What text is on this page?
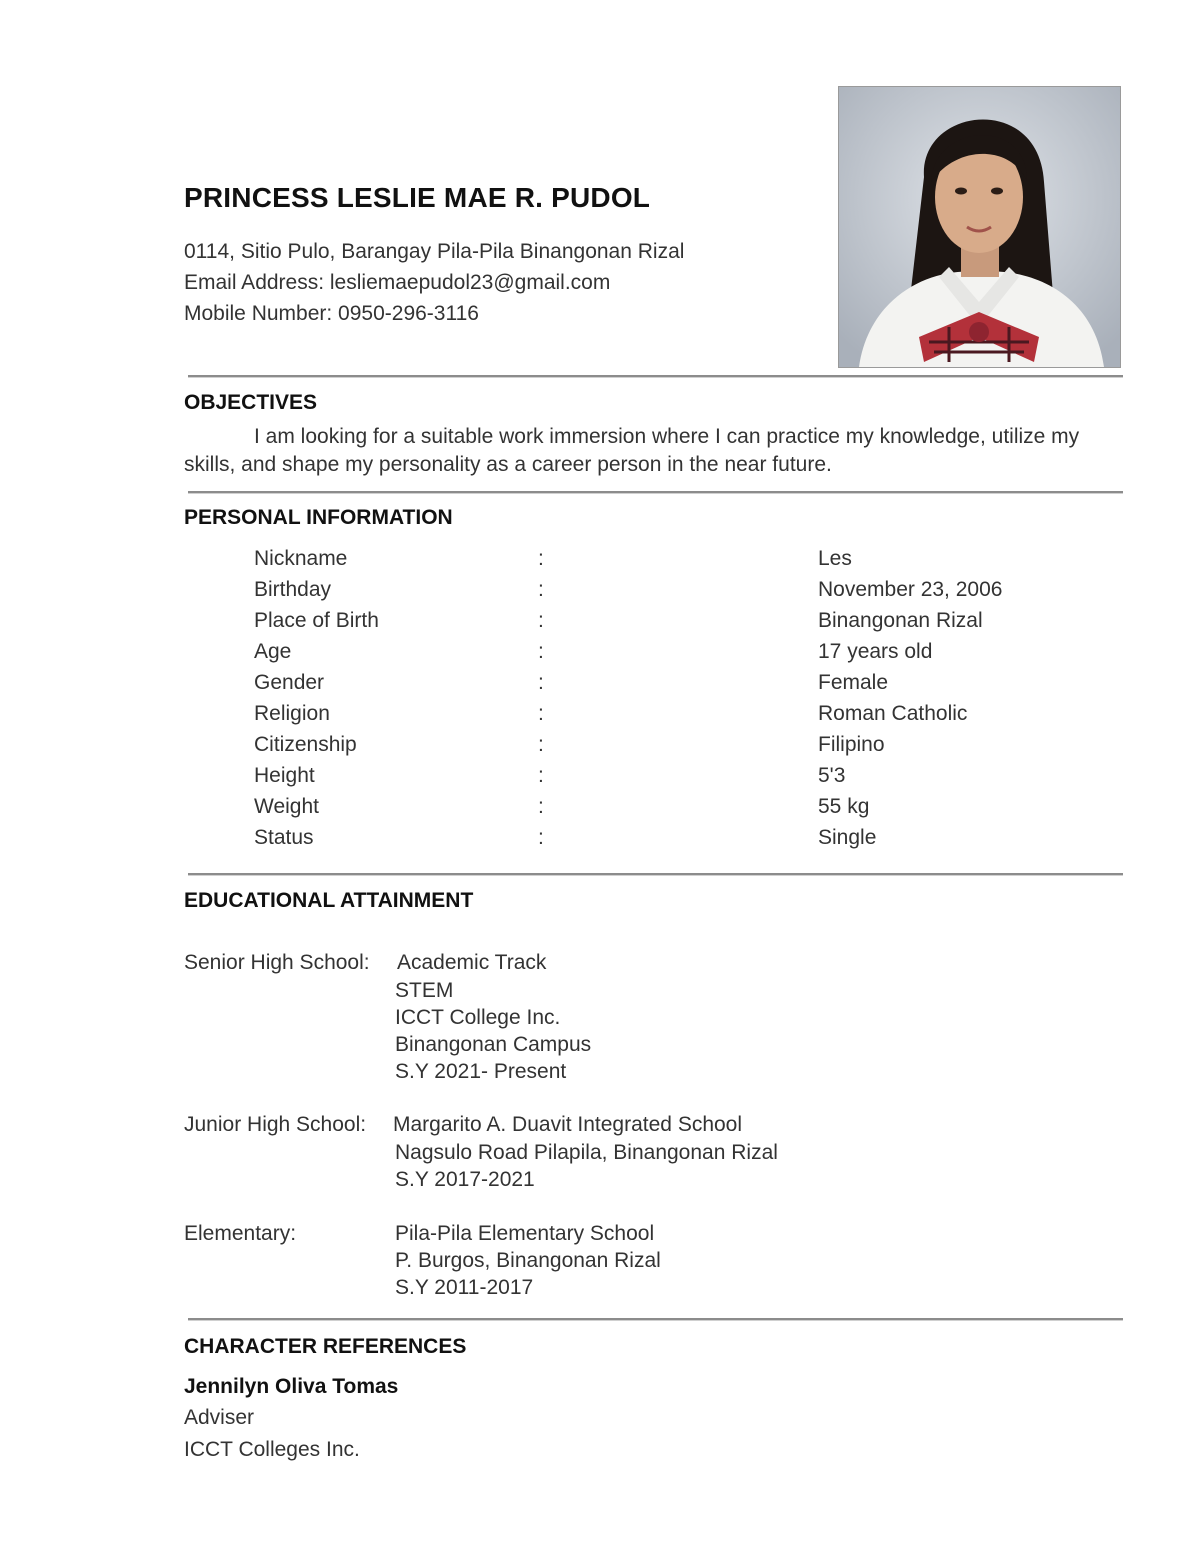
PRINCESS LESLIE MAE R. PUDOL
0114, Sitio Pulo, Barangay Pila-Pila Binangonan Rizal
Email Address: lesliemaepudol23@gmail.com
Mobile Number: 0950-296-3116
OBJECTIVES
I am looking for a suitable work immersion where I can practice my knowledge, utilize my skills, and shape my personality as a career person in the near future.
PERSONAL INFORMATION
Nickname	:	Les
Birthday	:	November 23, 2006
Place of Birth	:	Binangonan Rizal
Age	:	17 years old
Gender	:	Female
Religion	:	Roman Catholic
Citizenship	:	Filipino
Height	:	5'3
Weight	:	55 kg
Status	:	Single
EDUCATIONAL ATTAINMENT
Senior High School: Academic Track
STEM
ICCT College Inc.
Binangonan Campus
S.Y 2021- Present
Junior High School: Margarito A. Duavit Integrated School
Nagsulo Road Pilapila, Binangonan Rizal
S.Y 2017-2021
Elementary:	Pila-Pila Elementary School
P. Burgos, Binangonan Rizal
S.Y 2011-2017
CHARACTER REFERENCES
Jennilyn Oliva Tomas
Adviser
ICCT Colleges Inc.
